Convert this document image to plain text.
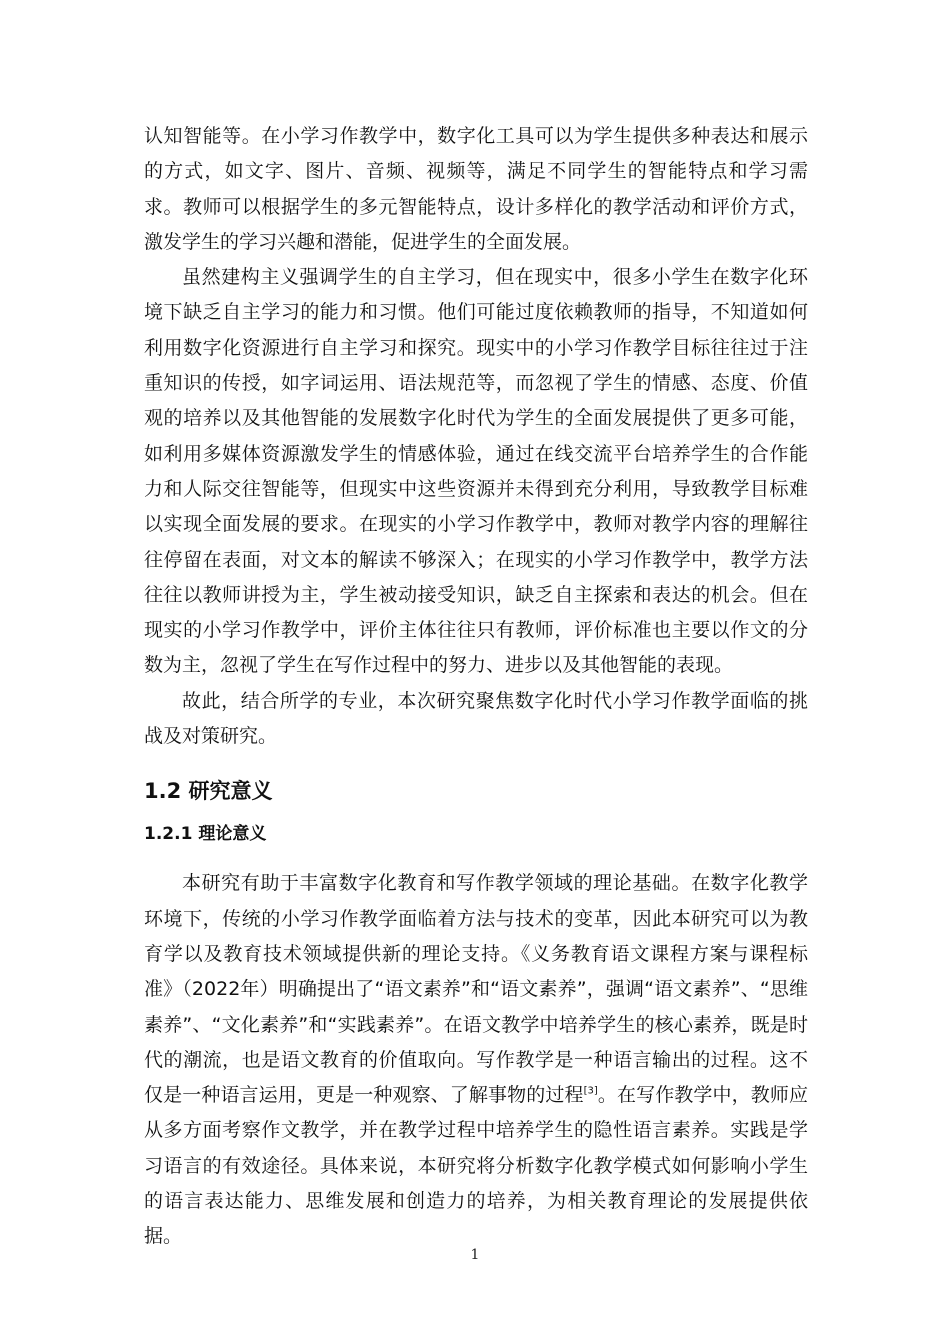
认知智能等。在小学习作教学中，数字化工具可以为学生提供多种表达和展示的方式，如文字、图片、音频、视频等，满足不同学生的智能特点和学习需求。教师可以根据学生的多元智能特点，设计多样化的教学活动和评价方式，激发学生的学习兴趣和潜能，促进学生的全面发展。

虽然建构主义强调学生的自主学习，但在现实中，很多小学生在数字化环境下缺乏自主学习的能力和习惯。他们可能过度依赖教师的指导，不知道如何利用数字化资源进行自主学习和探究。现实中的小学习作教学目标往往过于注重知识的传授，如字词运用、语法规范等，而忽视了学生的情感、态度、价值观的培养以及其他智能的发展数字化时代为学生的全面发展提供了更多可能，如利用多媒体资源激发学生的情感体验，通过在线交流平台培养学生的合作能力和人际交往智能等，但现实中这些资源并未得到充分利用，导致教学目标难以实现全面发展的要求。在现实的小学习作教学中，教师对教学内容的理解往往停留在表面，对文本的解读不够深入；在现实的小学习作教学中，教学方法往往以教师讲授为主，学生被动接受知识，缺乏自主探索和表达的机会。但在现实的小学习作教学中，评价主体往往只有教师，评价标准也主要以作文的分数为主，忽视了学生在写作过程中的努力、进步以及其他智能的表现。

故此，结合所学的专业，本次研究聚焦数字化时代小学习作教学面临的挑战及对策研究。

1.2 研究意义
1.2.1 理论意义

本研究有助于丰富数字化教育和写作教学领域的理论基础。在数字化教学环境下，传统的小学习作教学面临着方法与技术的变革，因此本研究可以为教育学以及教育技术领域提供新的理论支持。《义务教育语文课程方案与课程标准》（2022年）明确提出了“语文素养”和“语文素养”，强调“语文素养”、“思维素养”、“文化素养”和“实践素养”。在语文教学中培养学生的核心素养，既是时代的潮流，也是语文教育的价值取向。写作教学是一种语言输出的过程。这不仅是一种语言运用，更是一种观察、了解事物的过程[3]。在写作教学中，教师应从多方面考察作文教学，并在教学过程中培养学生的隐性语言素养。实践是学习语言的有效途径。具体来说，本研究将分析数字化教学模式如何影响小学生的语言表达能力、思维发展和创造力的培养，为相关教育理论的发展提供依据。

1
